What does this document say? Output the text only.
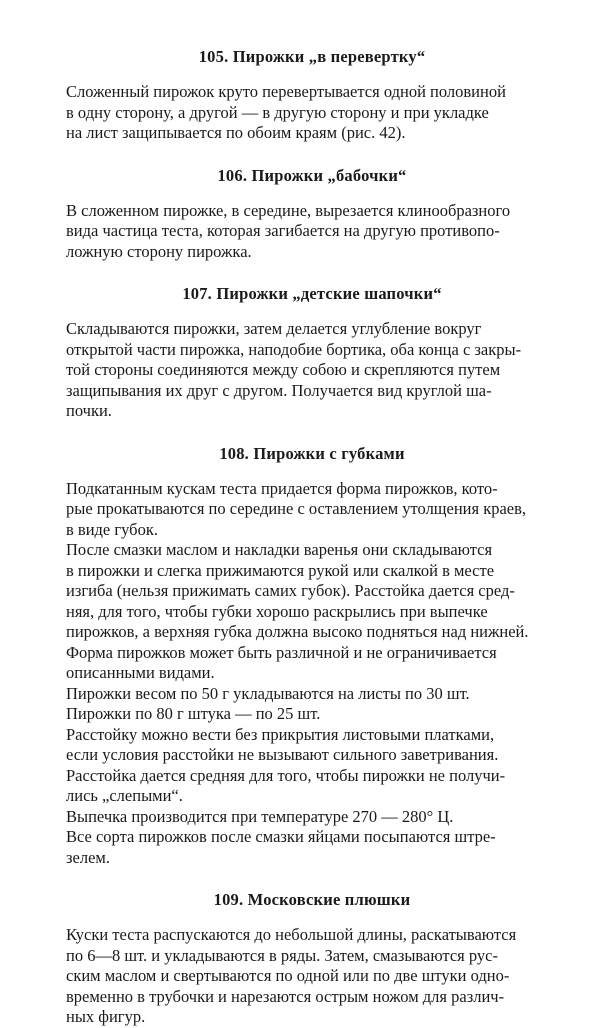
105. Пирожки „в перевертку“

Сложенный пирожок круто перевертывается одной половиной
в одну сторону, а другой — в другую сторону и при укладке
на лист защипывается по обоим краям (рис. 42).

106. Пирожки „бабочки“

В сложенном пирожке, в середине, вырезается клинообразного
вида частица теста, которая загибается на другую противопо-
ложную сторону пирожка.

107. Пирожки „детские шапочки“

Складываются пирожки, затем делается углубление вокруг
открытой части пирожка, наподобие бортика, оба конца с закры-
той стороны соединяются между собою и скрепляются путем
защипывания их друг с другом. Получается вид круглой ша-
почки.

108. Пирожки с губками

Подкатанным кускам теста придается форма пирожков, кото-
рые прокатываются по середине с оставлением утолщения краев,
в виде губок.

После смазки маслом и накладки варенья они складываются
в пирожки и слегка прижимаются рукой или скалкой в месте
изгиба (нельзя прижимать самих губок). Расстойка дается сред-
няя, для того, чтобы губки хорошо раскрылись при выпечке
пирожков, а верхняя губка должна высоко подняться над нижней.

Форма пирожков может быть различной и не ограничивается
описанными видами.

Пирожки весом по 50 г укладываются на листы по 30 шт.

Пирожки по 80 г штука — по 25 шт.

Расстойку можно вести без прикрытия листовыми платками,
если условия расстойки не вызывают сильного заветривания.
Расстойка дается средняя для того, чтобы пирожки не получи-
лись „слепыми“.

Выпечка производится при температуре 270 — 280° Ц.

Все сорта пирожков после смазки яйцами посыпаются штре-
зелем.

109. Московские плюшки

Куски теста распускаются до небольшой длины, раскатываются
по 6—8 шт. и укладываются в ряды. Затем, смазываются рус-
ским маслом и свертываются по одной или по две штуки одно-
временно в трубочки и нарезаются острым ножом для различ-
ных фигур.
